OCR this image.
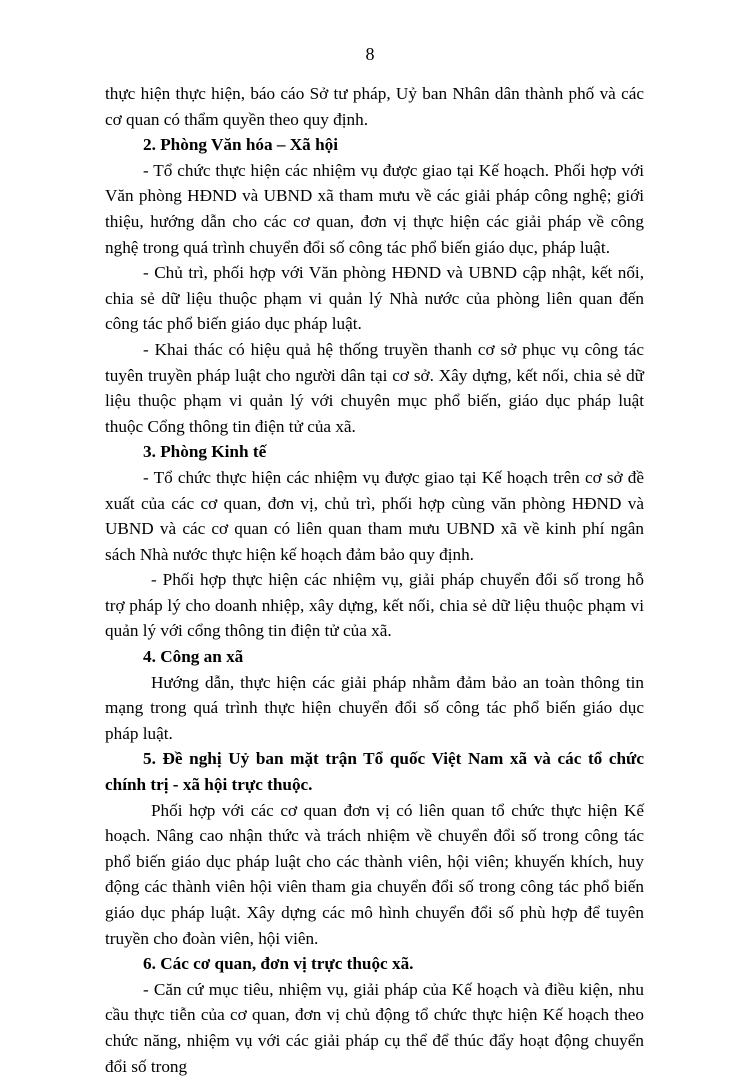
8

thực hiện thực hiện, báo cáo Sở tư pháp, Uỷ ban Nhân dân thành phố và các cơ quan có thẩm quyền theo quy định.

2. Phòng Văn hóa – Xã hội

- Tổ chức thực hiện các nhiệm vụ được giao tại Kế hoạch. Phối hợp với Văn phòng HĐND và UBND xã tham mưu về các giải pháp công nghệ; giới thiệu, hướng dẫn cho các cơ quan, đơn vị thực hiện các giải pháp về công nghệ trong quá trình chuyển đổi số công tác phổ biến giáo dục, pháp luật.

- Chủ trì, phối hợp với Văn phòng HĐND và UBND cập nhật, kết nối, chia sẻ dữ liệu thuộc phạm vi quản lý Nhà nước của phòng liên quan đến công tác phổ biến giáo dục pháp luật.

- Khai thác có hiệu quả hệ thống truyền thanh cơ sở phục vụ công tác tuyên truyền pháp luật cho người dân tại cơ sở. Xây dựng, kết nối, chia sẻ dữ liệu thuộc phạm vi quản lý với chuyên mục phổ biến, giáo dục pháp luật thuộc Cổng thông tin điện tử của xã.

3. Phòng Kinh tế

- Tổ chức thực hiện các nhiệm vụ được giao tại Kế hoạch trên cơ sở đề xuất của các cơ quan, đơn vị, chủ trì, phối hợp cùng văn phòng HĐND và UBND và các cơ quan có liên quan tham mưu UBND xã về kinh phí ngân sách Nhà nước thực hiện kế hoạch đảm bảo quy định.

- Phối hợp thực hiện các nhiệm vụ, giải pháp chuyển đổi số trong hỗ trợ pháp lý cho doanh nhiệp, xây dựng, kết nối, chia sẻ dữ liệu thuộc phạm vi quản lý với cổng thông tin điện tử của xã.

4. Công an xã

Hướng dẫn, thực hiện các giải pháp nhằm đảm bảo an toàn thông tin mạng trong quá trình thực hiện chuyển đổi số công tác phổ biến giáo dục pháp luật.

5. Đề nghị Uỷ ban mặt trận Tổ quốc Việt Nam xã và các tổ chức chính trị - xã hội trực thuộc.

Phối hợp với các cơ quan đơn vị có liên quan tổ chức thực hiện Kế hoạch. Nâng cao nhận thức và trách nhiệm về chuyển đổi số trong công tác phổ biến giáo dục pháp luật cho các thành viên, hội viên; khuyến khích, huy động các thành viên hội viên tham gia chuyển đổi số trong công tác phổ biến giáo dục pháp luật. Xây dựng các mô hình chuyển đổi số phù hợp để tuyên truyền cho đoàn viên, hội viên.

6. Các cơ quan, đơn vị trực thuộc xã.

- Căn cứ mục tiêu, nhiệm vụ, giải pháp của Kế hoạch và điều kiện, nhu cầu thực tiễn của cơ quan, đơn vị chủ động tổ chức thực hiện Kế hoạch theo chức năng, nhiệm vụ với các giải pháp cụ thể để thúc đẩy hoạt động chuyển đổi số trong
